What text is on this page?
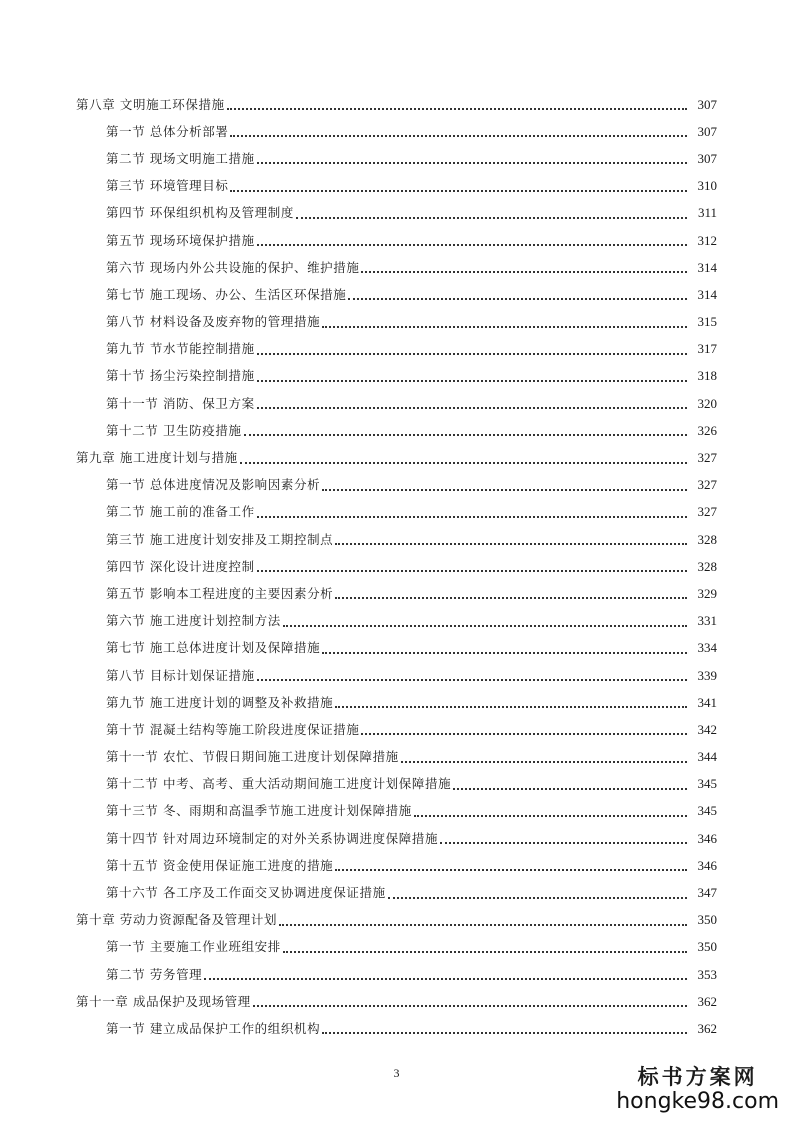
第八章 文明施工环保措施	307
第一节 总体分析部署	307
第二节 现场文明施工措施	307
第三节 环境管理目标	310
第四节 环保组织机构及管理制度	311
第五节 现场环境保护措施	312
第六节 现场内外公共设施的保护、维护措施	314
第七节 施工现场、办公、生活区环保措施	314
第八节 材料设备及废弃物的管理措施	315
第九节 节水节能控制措施	317
第十节 扬尘污染控制措施	318
第十一节 消防、保卫方案	320
第十二节 卫生防疫措施	326
第九章 施工进度计划与措施	327
第一节 总体进度情况及影响因素分析	327
第二节 施工前的准备工作	327
第三节 施工进度计划安排及工期控制点	328
第四节 深化设计进度控制	328
第五节 影响本工程进度的主要因素分析	329
第六节 施工进度计划控制方法	331
第七节 施工总体进度计划及保障措施	334
第八节 目标计划保证措施	339
第九节 施工进度计划的调整及补救措施	341
第十节 混凝土结构等施工阶段进度保证措施	342
第十一节 农忙、节假日期间施工进度计划保障措施	344
第十二节 中考、高考、重大活动期间施工进度计划保障措施	345
第十三节 冬、雨期和高温季节施工进度计划保障措施	345
第十四节 针对周边环境制定的对外关系协调进度保障措施	346
第十五节 资金使用保证施工进度的措施	346
第十六节 各工序及工作面交叉协调进度保证措施	347
第十章 劳动力资源配备及管理计划	350
第一节 主要施工作业班组安排	350
第二节 劳务管理	353
第十一章 成品保护及现场管理	362
第一节 建立成品保护工作的组织机构	362
3	标书方案网
hongke98.com
